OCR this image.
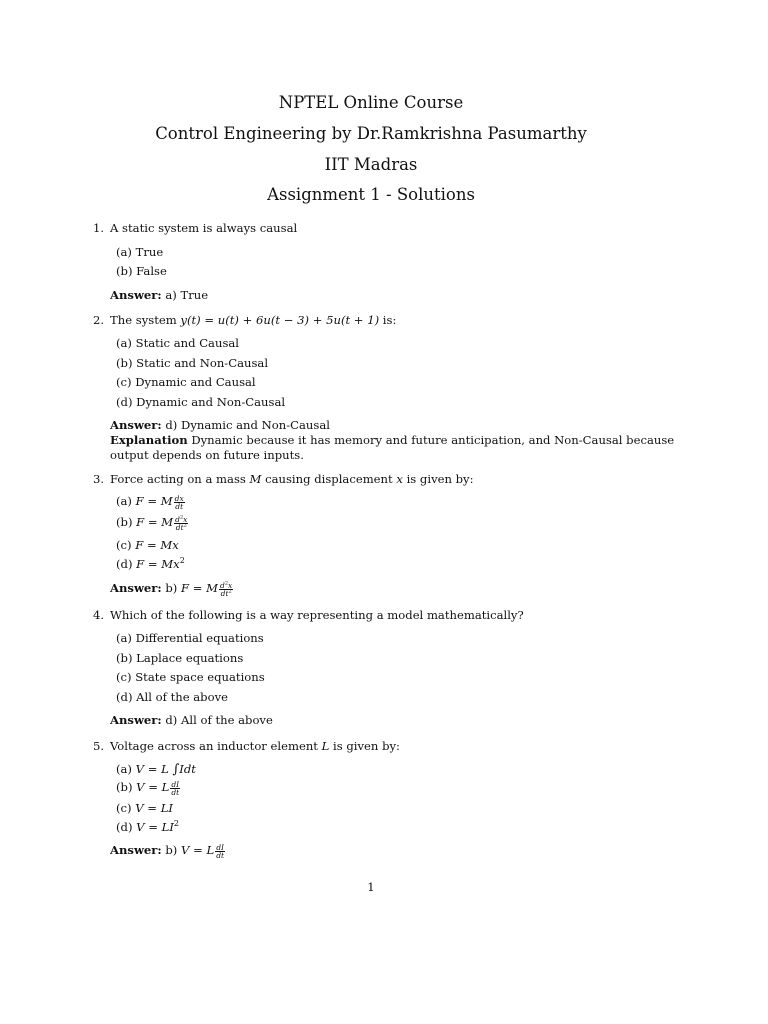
NPTEL Online Course
Control Engineering by Dr.Ramkrishna Pasumarthy
IIT Madras
Assignment 1 - Solutions
1. A static system is always causal
(a) True
(b) False
Answer: a) True
2. The system y(t) = u(t) + 6u(t − 3) + 5u(t + 1) is:
(a) Static and Causal
(b) Static and Non-Causal
(c) Dynamic and Causal
(d) Dynamic and Non-Causal
Answer: d) Dynamic and Non-Causal
Explanation Dynamic because it has memory and future anticipation, and Non-Causal because
output depends on future inputs.
3. Force acting on a mass M causing displacement x is given by:
(a) F = M $\frac{dx}{dt}$
(b) F = M $\frac{d^2x}{dt^2}$
(c) F = Mx
(d) $F = Mx^2$
Answer: b) F = M $\frac{d^2x}{dt^2}$
4. Which of the following is a way representing a model mathematically?
(a) Differential equations
(b) Laplace equations
(c) State space equations
(d) All of the above
Answer: d) All of the above
5. Voltage across an inductor element L is given by:
(a) V = L ∫Idt
(b) V = L $\frac{dI}{dt}$
(c) V = LI
(d) $V = LI^2$
Answer: b) V = L $\frac{dI}{dt}$
1
